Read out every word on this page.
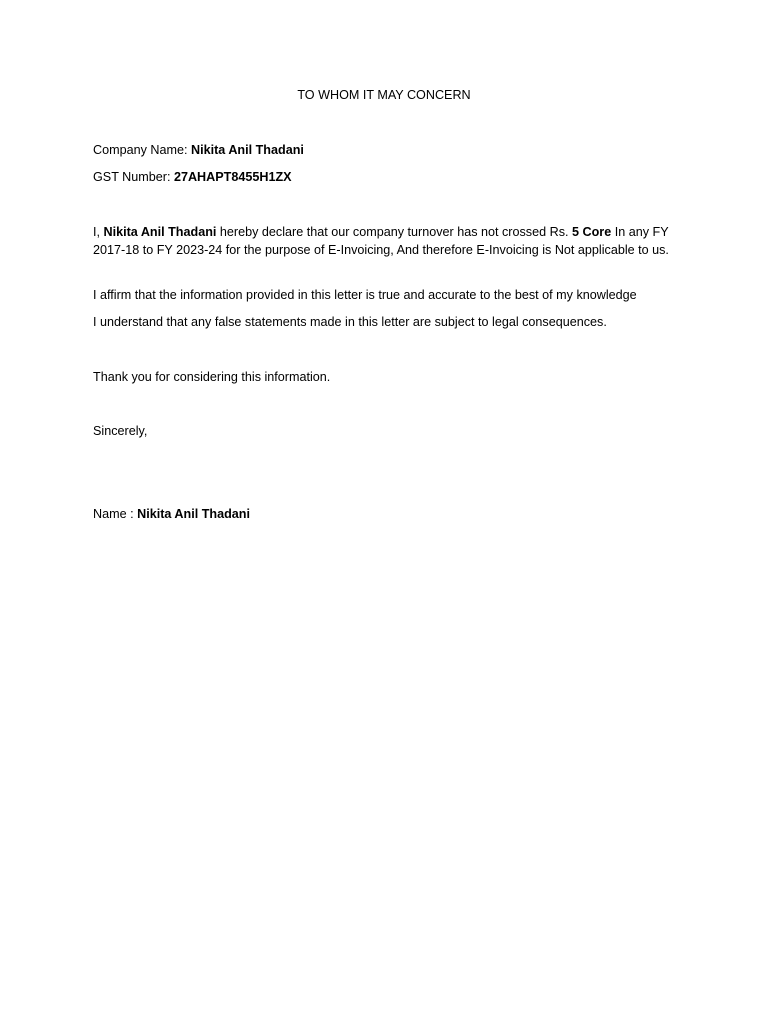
TO WHOM IT MAY CONCERN
Company Name: Nikita Anil Thadani
GST Number: 27AHAPT8455H1ZX
I, Nikita Anil Thadani hereby declare that our company turnover has not crossed Rs. 5 Core In any FY 2017-18 to FY 2023-24 for the purpose of E-Invoicing, And therefore E-Invoicing is Not applicable to us.
I affirm that the information provided in this letter is true and accurate to the best of my knowledge
I understand that any false statements made in this letter are subject to legal consequences.
Thank you for considering this information.
Sincerely,
Name : Nikita Anil Thadani
